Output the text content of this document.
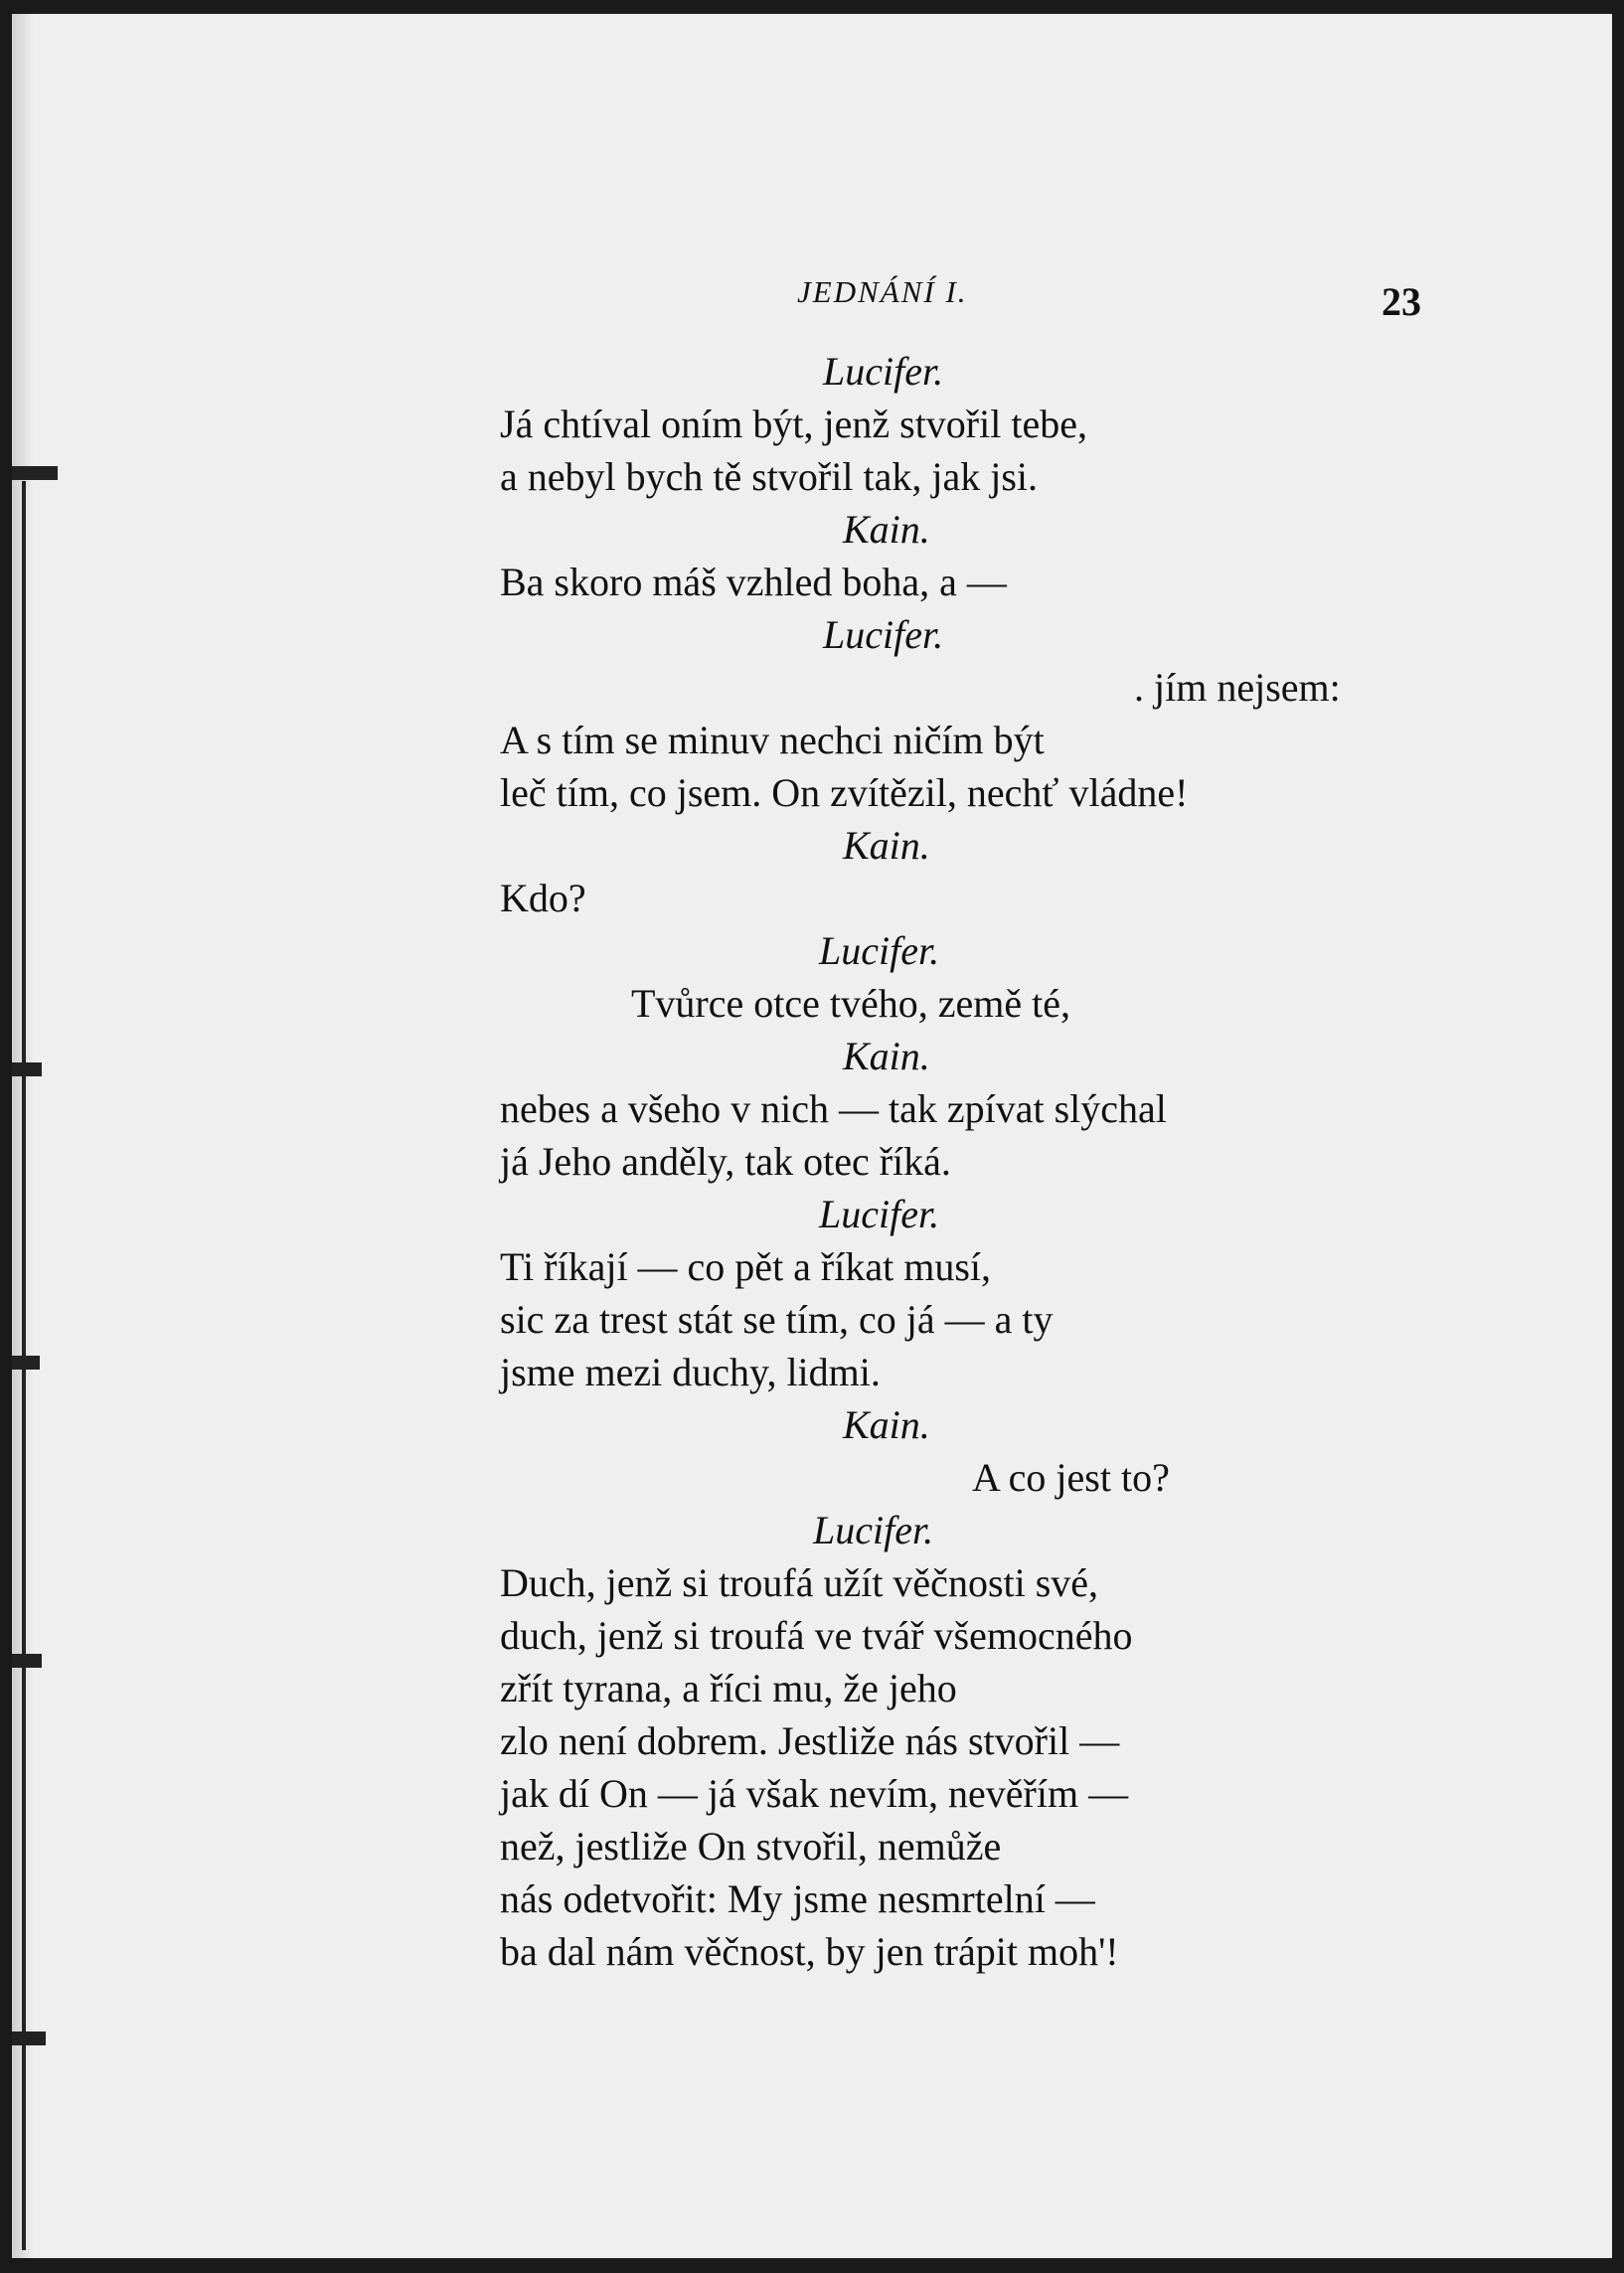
JEDNÁNÍ I.	23
Lucifer.
Já chtíval oním být, jenž stvořil tebe,
a nebyl bych tě stvořil tak, jak jsi.
Kain.
Ba skoro máš vzhled boha, a —
Lucifer.
. jím nejsem:
A s tím se minuv nechci ničím být
leč tím, co jsem. On zvítězil, nechť vládne!
Kain.
Kdo?
Lucifer.
Tvůrce otce tvého, země té,
Kain.
nebes a všeho v nich — tak zpívat slýchal
já Jeho anděly, tak otec říká.
Lucifer.
Ti říkají — co pět a říkat musí,
sic za trest stát se tím, co já — a ty
jsme mezi duchy, lidmi.
Kain.
A co jest to?
Lucifer.
Duch, jenž si troufá užít věčnosti své,
duch, jenž si troufá ve tvář všemocného
zřít tyrana, a říci mu, že jeho
zlo není dobrem. Jestliže nás stvořil —
jak dí On — já však nevím, nevěřím —
než, jestliže On stvořil, nemůže
nás odetvořit: My jsme nesmrtelní —
ba dal nám věčnost, by jen trápit moh'!
